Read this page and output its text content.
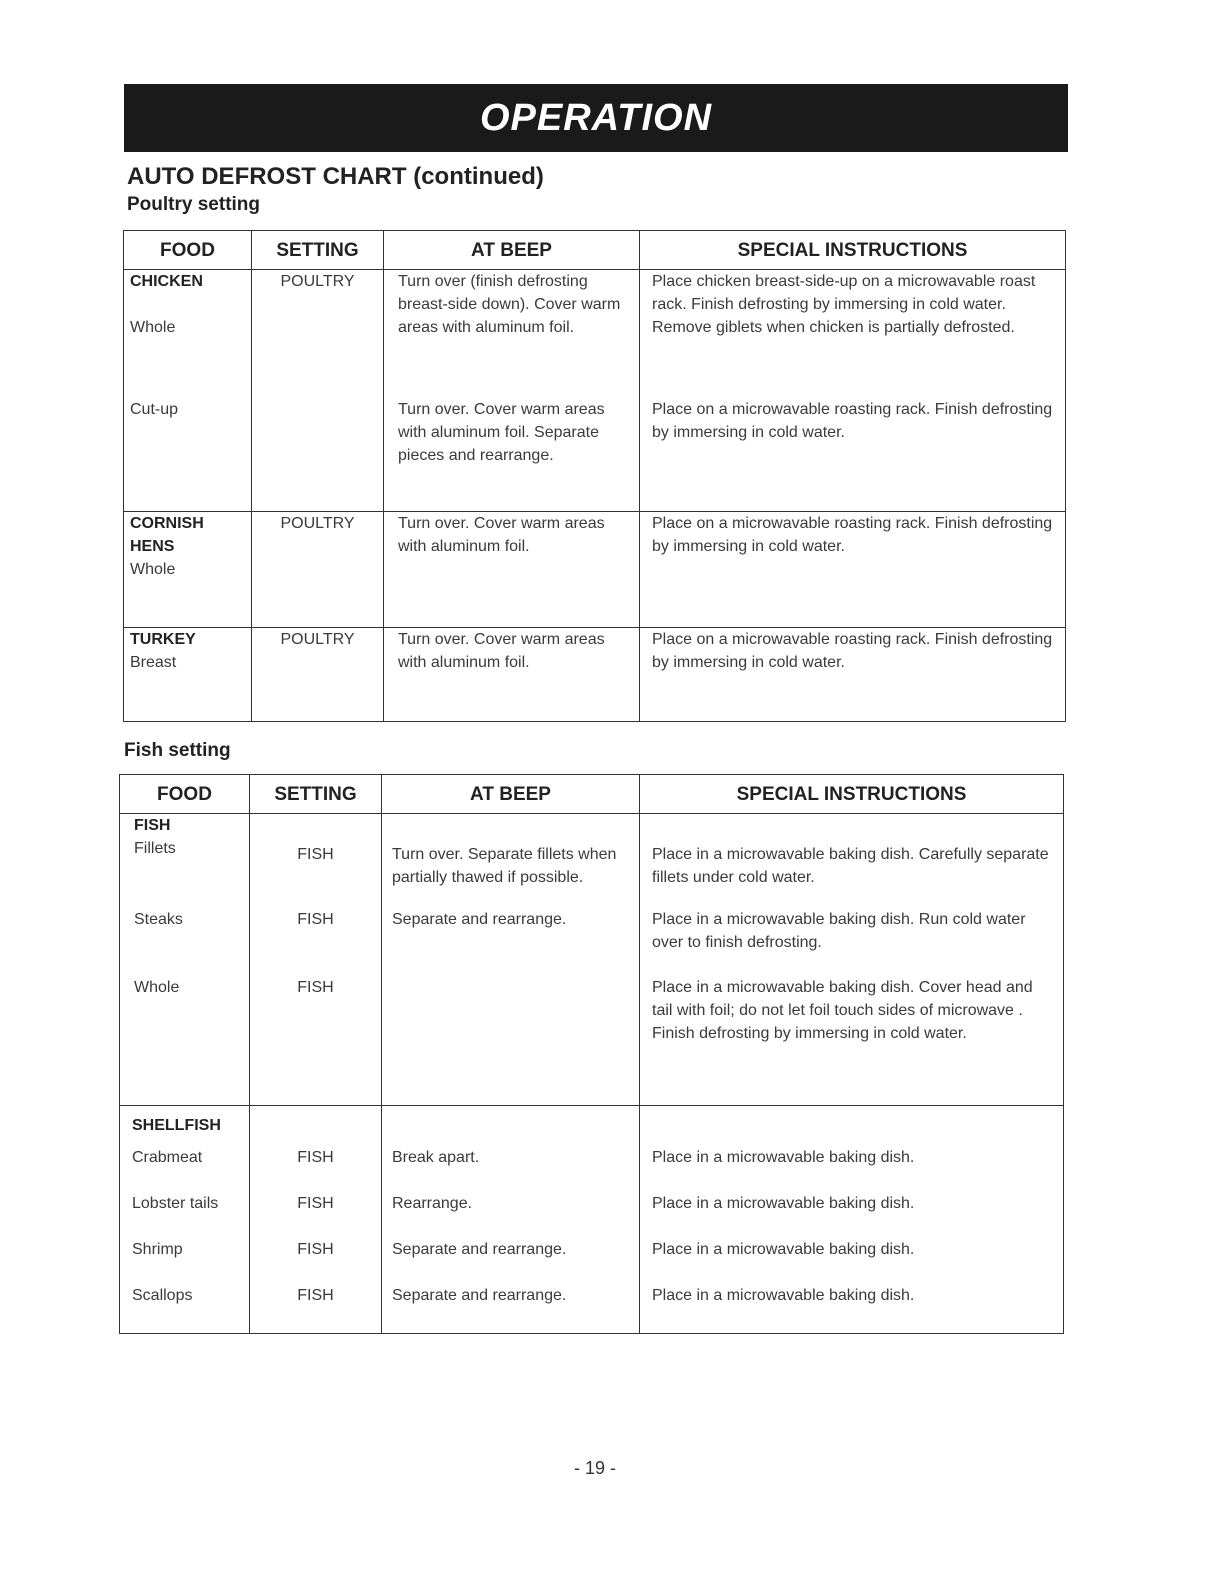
OPERATION
AUTO DEFROST CHART (continued)
Poultry setting
FOOD	SETTING	AT BEEP	SPECIAL INSTRUCTIONS

CHICKEN
Whole	POULTRY	Turn over (finish defrosting breast-side down). Cover warm areas with aluminum foil.	Place chicken breast-side-up on a microwavable roast rack. Finish defrosting by immersing in cold water. Remove giblets when chicken is partially defrosted.
Cut-up		Turn over. Cover warm areas with aluminum foil. Separate pieces and rearrange.	Place on a microwavable roasting rack. Finish defrosting by immersing in cold water.

CORNISH
HENS
Whole	POULTRY	Turn over. Cover warm areas with aluminum foil.	Place on a microwavable roasting rack. Finish defrosting by immersing in cold water.

TURKEY
Breast	POULTRY	Turn over. Cover warm areas with aluminum foil.	Place on a microwavable roasting rack. Finish defrosting by immersing in cold water.
Fish setting
FOOD	SETTING	AT BEEP	SPECIAL INSTRUCTIONS

FISH
Fillets	FISH	Turn over. Separate fillets when partially thawed if possible.	Place in a microwavable baking dish. Carefully separate fillets under cold water.
Steaks	FISH	Separate and rearrange.	Place in a microwavable baking dish. Run cold water over to finish defrosting.
Whole	FISH		Place in a microwavable baking dish. Cover head and tail with foil; do not let foil touch sides of microwave . Finish defrosting by immersing in cold water.

SHELLFISH			

Crabmeat	FISH	Break apart.	Place in a microwavable baking dish.
Lobster tails	FISH	Rearrange.	Place in a microwavable baking dish.
Shrimp	FISH	Separate and rearrange.	Place in a microwavable baking dish.
Scallops	FISH	Separate and rearrange.	Place in a microwavable baking dish.
- 19 -
